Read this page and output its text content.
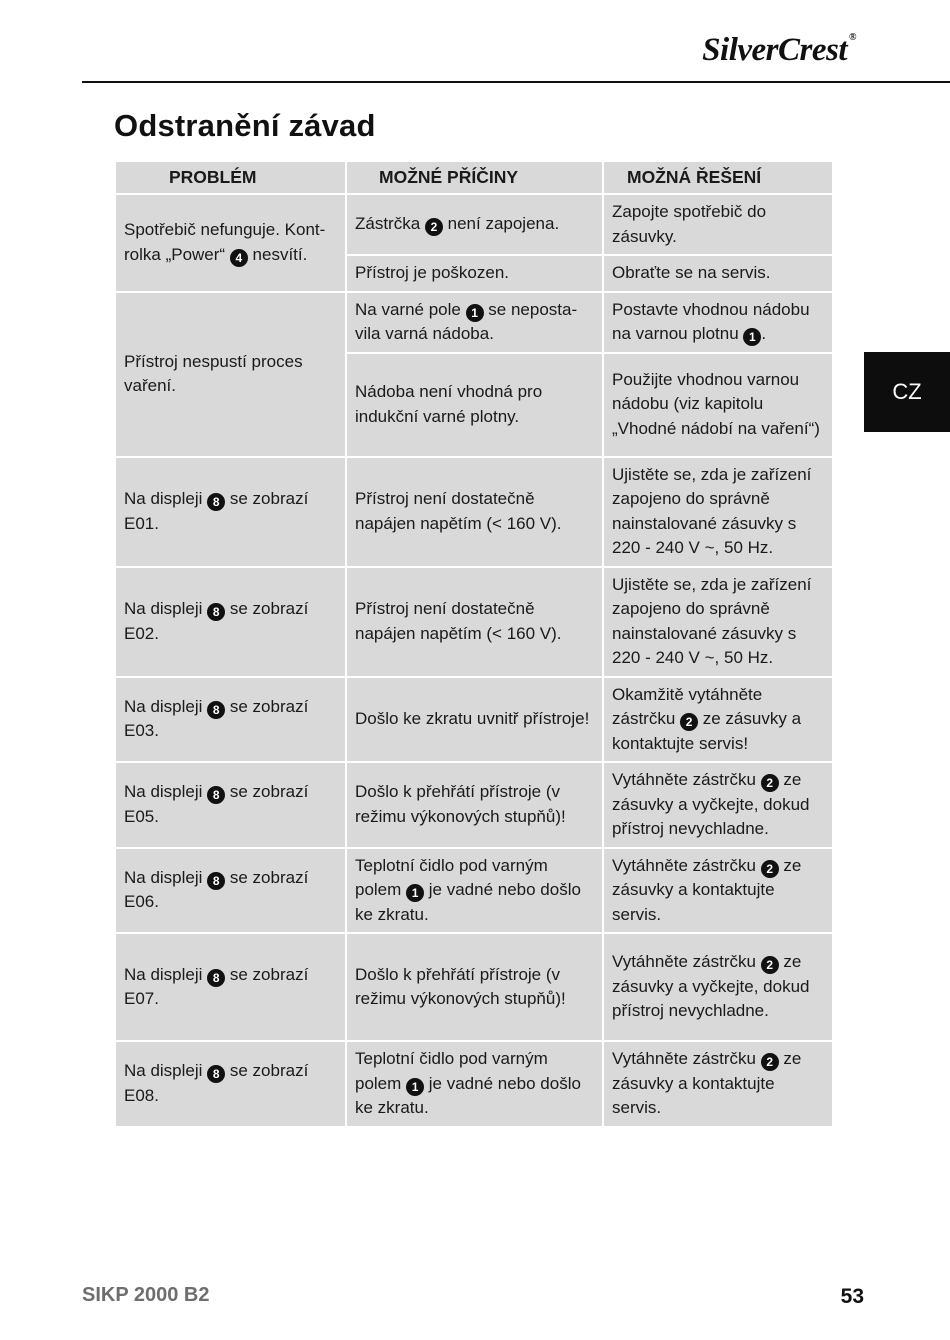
SilverCrest ®
Odstranění závad
CZ
PROBLÉM	MOŽNÉ PŘÍČINY	MOŽNÁ ŘEŠENÍ
Spotřebič nefunguje. Kont-rolka „Power“ 4 nesvítí.	Zástrčka 2 není zapojena.	Zapojte spotřebič do zásuvky.
	Přístroj je poškozen.	Obraťte se na servis.
Přístroj nespustí proces vaření.	Na varné pole 1 se neposta-vila varná nádoba.	Postavte vhodnou nádobu na varnou plotnu 1 .
	Nádoba není vhodná pro indukční varné plotny.	Použijte vhodnou varnou nádobu (viz kapitolu „Vhodné nádobí na vaření“)
Na displeji 8 se zobrazí E01.	Přístroj není dostatečně napájen napětím (< 160 V).	Ujistěte se, zda je zařízení zapojeno do správně nainstalované zásuvky s 220 - 240 V ~, 50 Hz.
Na displeji 8 se zobrazí E02.	Přístroj není dostatečně napájen napětím (< 160 V).	Ujistěte se, zda je zařízení zapojeno do správně nainstalované zásuvky s 220 - 240 V ~, 50 Hz.
Na displeji 8 se zobrazí E03.	Došlo ke zkratu uvnitř přístroje!	Okamžitě vytáhněte zástrčku 2 ze zásuvky a kontaktujte servis!
Na displeji 8 se zobrazí E05.	Došlo k přehřátí přístroje (v režimu výkonových stupňů)!	Vytáhněte zástrčku 2 ze zásuvky a vyčkejte, dokud přístroj nevychladne.
Na displeji 8 se zobrazí E06.	Teplotní čidlo pod varným polem 1 je vadné nebo došlo ke zkratu.	Vytáhněte zástrčku 2 ze zásuvky a kontaktujte servis.
Na displeji 8 se zobrazí E07.	Došlo k přehřátí přístroje (v režimu výkonových stupňů)!	Vytáhněte zástrčku 2 ze zásuvky a vyčkejte, dokud přístroj nevychladne.
Na displeji 8 se zobrazí E08.	Teplotní čidlo pod varným polem 1 je vadné nebo došlo ke zkratu.	Vytáhněte zástrčku 2 ze zásuvky a kontaktujte servis.
SIKP 2000 B2	53
